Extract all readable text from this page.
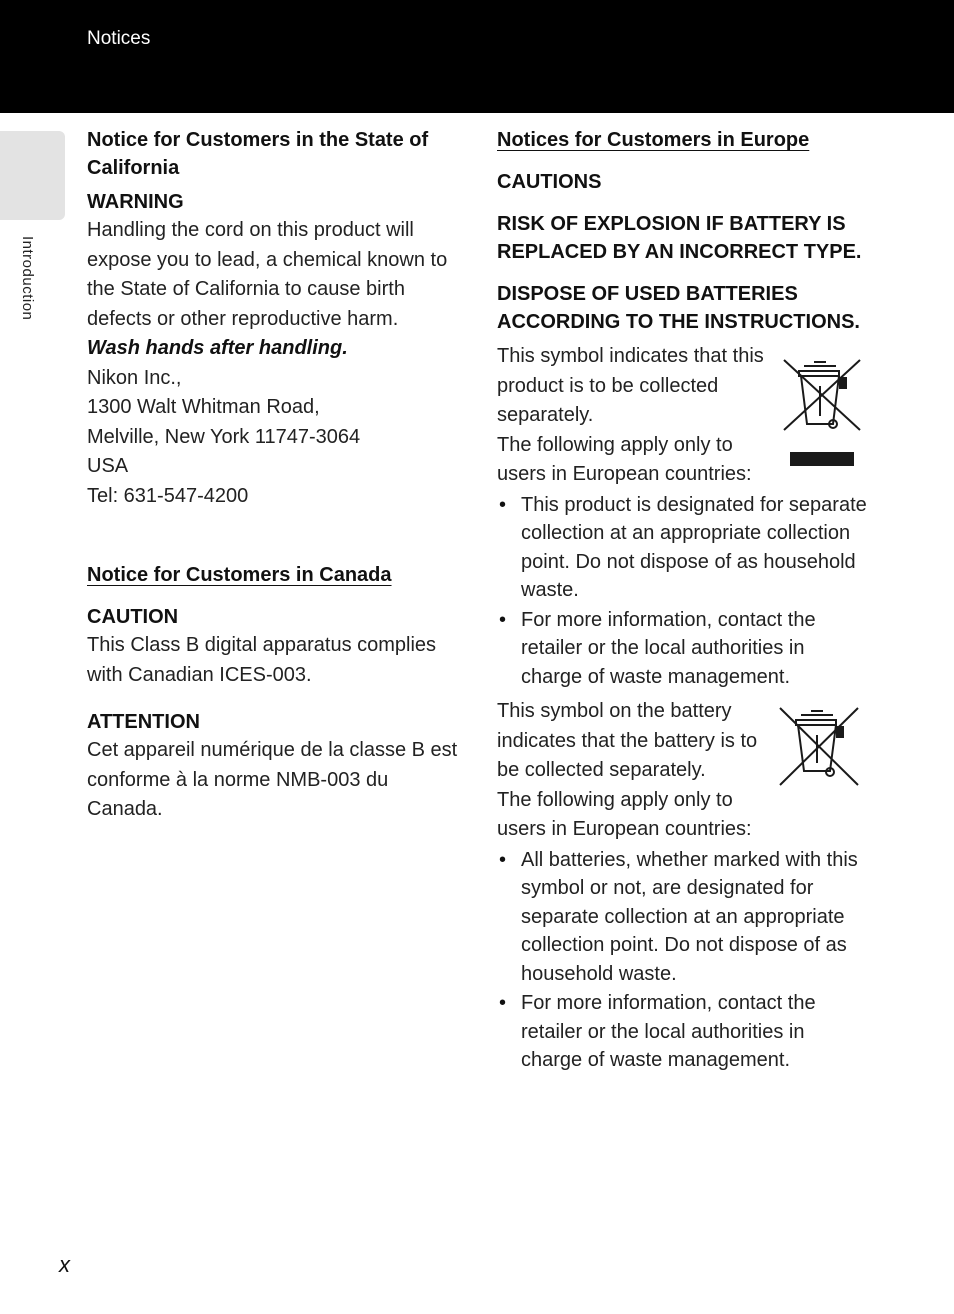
Notices
Introduction
Notice for Customers in the State of California
WARNING

Handling the cord on this product will expose you to lead, a chemical known to the State of California to cause birth defects or other reproductive harm.

Wash hands after handling.

Nikon Inc.,
1300 Walt Whitman Road,
Melville, New York 11747-3064
USA
Tel: 631-547-4200
Notice for Customers in Canada
CAUTION

This Class B digital apparatus complies with Canadian ICES-003.

ATTENTION

Cet appareil numérique de la classe B est conforme à la norme NMB-003 du Canada.

Notices for Customers in Europe
CAUTIONS
RISK OF EXPLOSION IF BATTERY IS REPLACED BY AN INCORRECT TYPE.
DISPOSE OF USED BATTERIES ACCORDING TO THE INSTRUCTIONS.

This symbol indicates that this product is to be collected separately.

The following apply only to users in European countries:

• This product is designated for separate collection at an appropriate collection point. Do not dispose of as household waste.
• For more information, contact the retailer or the local authorities in charge of waste management.

This symbol on the battery indicates that the battery is to be collected separately.

The following apply only to users in European countries:

• All batteries, whether marked with this symbol or not, are designated for separate collection at an appropriate collection point. Do not dispose of as household waste.
• For more information, contact the retailer or the local authorities in charge of waste management.
x
